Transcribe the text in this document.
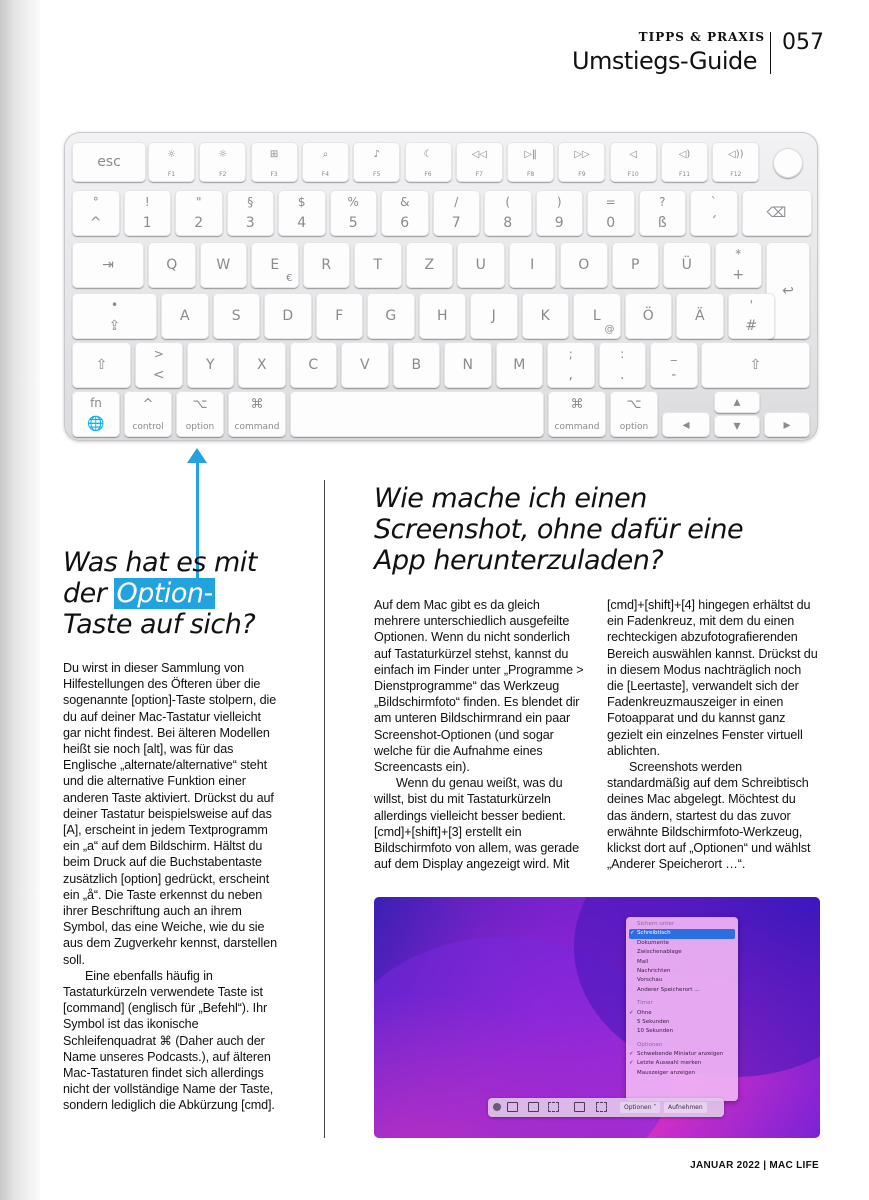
TIPPS & PRAXIS
Umstiegs-Guide
057
esc	☼
F1
☼
F2
⊞
F3
⌕
F4
♪
F5
☾
F6
◁◁
F7
▷‖
F8
▷▷
F9
◁
F10
◁)
F11
◁))
F12
°
^
!
1
"
2
§
3
$
4
%
5
&
6
/
7
(
8
)
9
=
0
?
ß
`
´
⌫
⇥	Q	W	E
€
R	T	Z	U	I	O	P	Ü
*
+
↩
•
⇪
A	S	D	F	G	H	J	K	L
@
Ö	Ä
'
#
⇧
>
<
Y	X	C	V	B	N	M
;
,
:
.
_
-
⇧
fn
🌐
^
control
⌥
option
⌘
command
⌘
command
⌥
option	◂
▴
▾	▸
Was hat es mit
der Option-
Taste auf sich?
Wie mache ich einen
Screenshot, ohne dafür eine
App herunterzuladen?

Du wirst in dieser Sammlung von Hilfestellungen des Öfteren über die sogenannte [option]-Taste stolpern, die du auf deiner Mac-Tastatur vielleicht gar nicht findest. Bei älteren Modellen heißt sie noch [alt], was für das Englische „alternate/alternative“ steht und die alternative Funktion einer anderen Taste aktiviert. Drückst du auf deiner Tastatur beispielsweise auf das [A], erscheint in jedem Textprogramm ein „a“ auf dem Bildschirm. Hältst du beim Druck auf die Buchstabentaste zusätzlich [option] gedrückt, erscheint ein „å“. Die Taste erkennst du neben ihrer Beschriftung auch an ihrem Symbol, das eine Weiche, wie du sie aus dem Zugverkehr kennst, darstellen soll.

Eine ebenfalls häufig in Tastaturkürzeln verwendete Taste ist [command] (englisch für „Befehl“). Ihr Symbol ist das ikonische Schleifenquadrat ⌘ (Daher auch der Name unseres Podcasts.), auf älteren Mac-Tastaturen findet sich allerdings nicht der vollständige Name der Taste, sondern lediglich die Abkürzung [cmd].

Auf dem Mac gibt es da gleich mehrere unterschiedlich ausgefeilte Optionen. Wenn du nicht sonderlich auf Tastaturkürzel stehst, kannst du einfach im Finder unter „Programme > Dienstprogramme“ das Werkzeug „Bildschirmfoto“ finden. Es blendet dir am unteren Bildschirmrand ein paar Screenshot-Optionen (und sogar welche für die Aufnahme eines Screencasts ein).

Wenn du genau weißt, was du willst, bist du mit Tastaturkürzeln allerdings vielleicht besser bedient. [cmd]+[shift]+[3] erstellt ein Bildschirmfoto von allem, was gerade auf dem Display angezeigt wird. Mit

[cmd]+[shift]+[4] hingegen erhältst du ein Fadenkreuz, mit dem du einen rechteckigen abzufotografierenden Bereich auswählen kannst. Drückst du in diesem Modus nachträglich noch die [Leertaste], verwandelt sich der Fadenkreuzmauszeiger in einen Fotoapparat und du kannst ganz gezielt ein einzelnes Fenster virtuell ablichten.

Screenshots werden standardmäßig auf dem Schreibtisch deines Mac abgelegt. Möchtest du das ändern, startest du das zuvor erwähnte Bildschirmfoto-Werkzeug, klickst dort auf „Optionen“ und wählst „Anderer Speicherort …“.

Sichern unter
✓ Schreibtisch
Dokumente
Zwischenablage
Mail
Nachrichten
Vorschau
Anderer Speicherort ...
Timer
✓ Ohne
5 Sekunden
10 Sekunden
Optionen
✓ Schwebende Miniatur anzeigen
✓ Letzte Auswahl merken
Mauszeiger anzeigen
Optionen ˅	Aufnehmen
JANUAR 2022 | MAC LIFE
